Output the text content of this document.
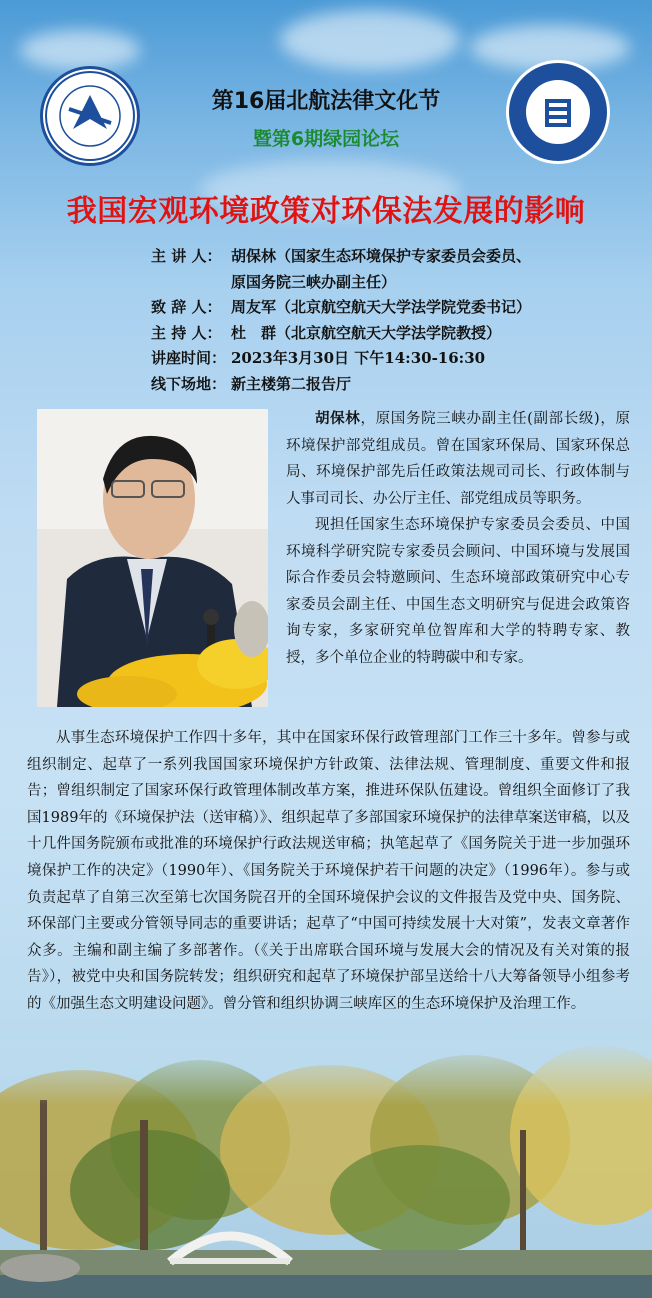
第16届北航法律文化节
暨第6期绿园论坛
我国宏观环境政策对环保法发展的影响
主 讲 人： 胡保林（国家生态环境保护专家委员会委员、

原国务院三峡办副主任）
致 辞 人： 周友军（北京航空航天大学法学院党委书记）
主 持 人： 杜　群（北京航空航天大学法学院教授）
讲座时间： 2023年3月30日 下午14:30-16:30
线下场地： 新主楼第二报告厅

胡保林，原国务院三峡办副主任(副部长级)，原环境保护部党组成员。曾在国家环保局、国家环保总局、环境保护部先后任政策法规司司长、行政体制与人事司司长、办公厅主任、部党组成员等职务。

现担任国家生态环境保护专家委员会委员、中国环境科学研究院专家委员会顾问、中国环境与发展国际合作委员会特邀顾问、生态环境部政策研究中心专家委员会副主任、中国生态文明研究与促进会政策咨询专家，多家研究单位智库和大学的特聘专家、教授，多个单位企业的特聘碳中和专家。

从事生态环境保护工作四十多年，其中在国家环保行政管理部门工作三十多年。曾参与或组织制定、起草了一系列我国国家环境保护方针政策、法律法规、管理制度、重要文件和报告；曾组织制定了国家环保行政管理体制改革方案，推进环保队伍建设。曾组织全面修订了我国1989年的《环境保护法（送审稿）》、组织起草了多部国家环境保护的法律草案送审稿，以及十几件国务院颁布或批准的环境保护行政法规送审稿；执笔起草了《国务院关于进一步加强环境保护工作的决定》（1990年）、《国务院关于环境保护若干问题的决定》（1996年）。参与或负责起草了自第三次至第七次国务院召开的全国环境保护会议的文件报告及党中央、国务院、环保部门主要或分管领导同志的重要讲话；起草了“中国可持续发展十大对策”，发表文章著作众多。主编和副主编了多部著作。（《关于出席联合国环境与发展大会的情况及有关对策的报告》），被党中央和国务院转发；组织研究和起草了环境保护部呈送给十八大筹备领导小组参考的《加强生态文明建设问题》。曾分管和组织协调三峡库区的生态环境保护及治理工作。
